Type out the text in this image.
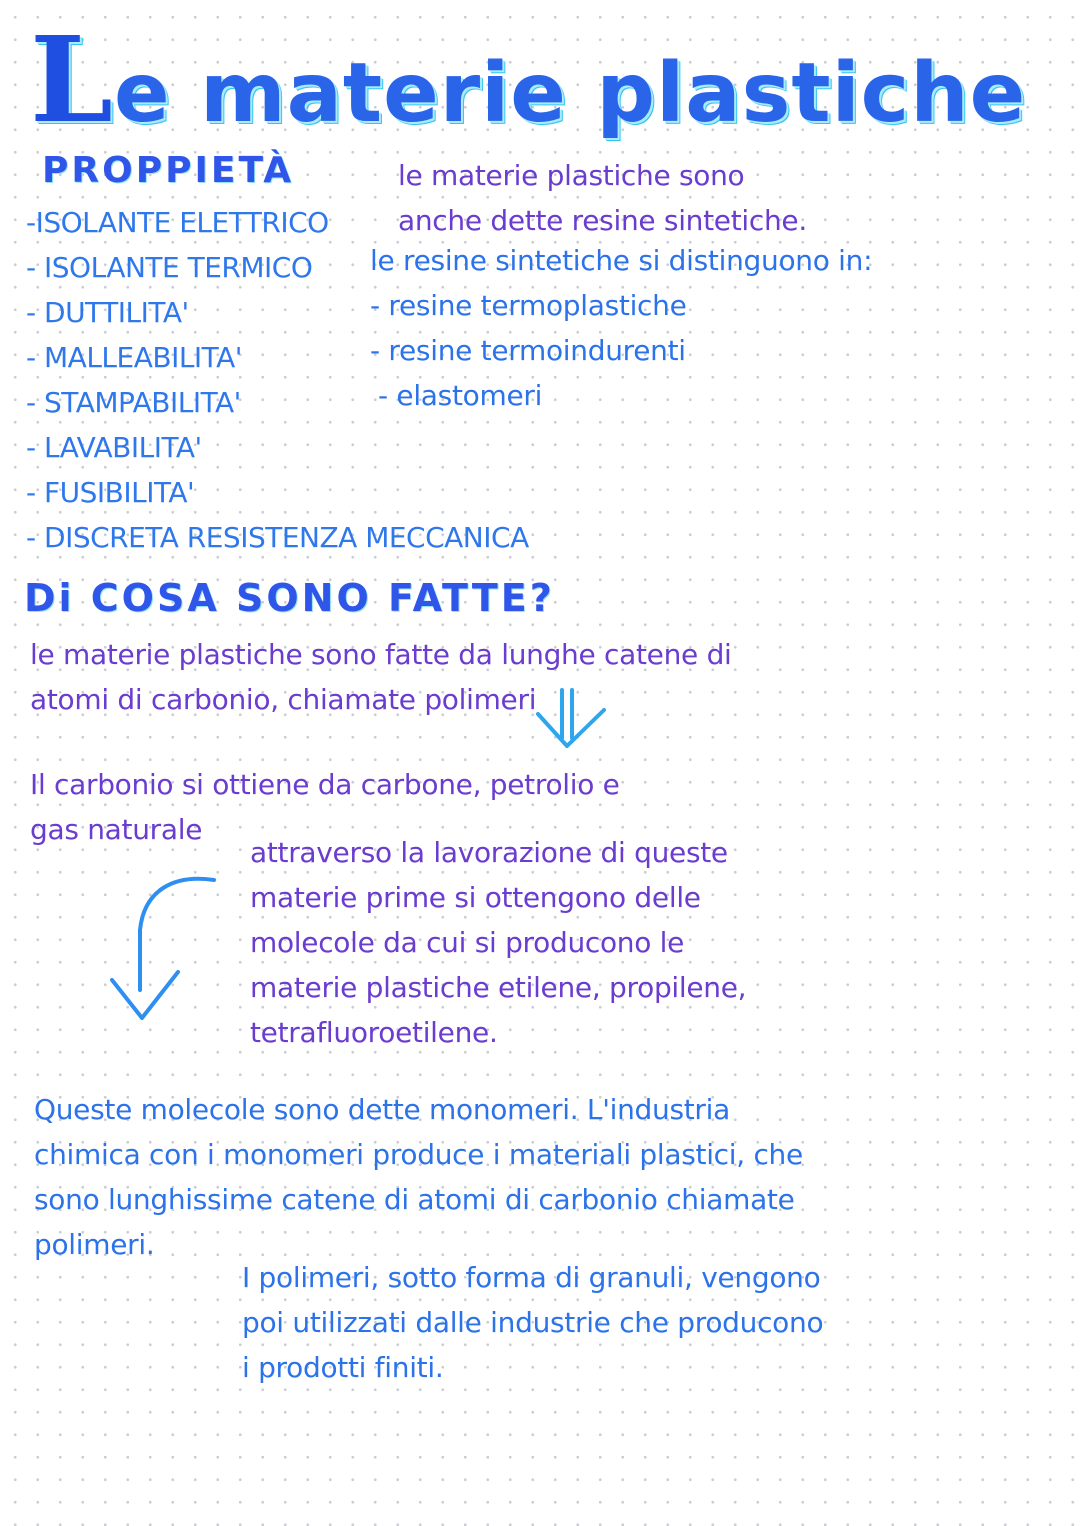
Le materie plastiche
PROPPIETÀ
-ISOLANTE ELETTRICO
- ISOLANTE TERMICO
- DUTTILITA'
- MALLEABILITA'
- STAMPABILITA'
- LAVABILITA'
- FUSIBILITA'
- DISCRETA RESISTENZA MECCANICA
le materie plastiche sono
anche dette resine sintetiche.
le resine sintetiche si distinguono in:
- resine termoplastiche
- resine termoindurenti
- elastomeri
Di COSA SONO FATTE?
le materie plastiche sono fatte da lunghe catene di
atomi di carbonio, chiamate polimeri
Il carbonio si ottiene da carbone, petrolio e
gas naturale
attraverso la lavorazione di queste
materie prime si ottengono delle
molecole da cui si producono le
materie plastiche etilene, propilene,
tetrafluoroetilene.
Queste molecole sono dette monomeri. L'industria
chimica con i monomeri produce i materiali plastici, che
sono lunghissime catene di atomi di carbonio chiamate
polimeri.
I polimeri, sotto forma di granuli, vengono
poi utilizzati dalle industrie che producono
i prodotti finiti.
